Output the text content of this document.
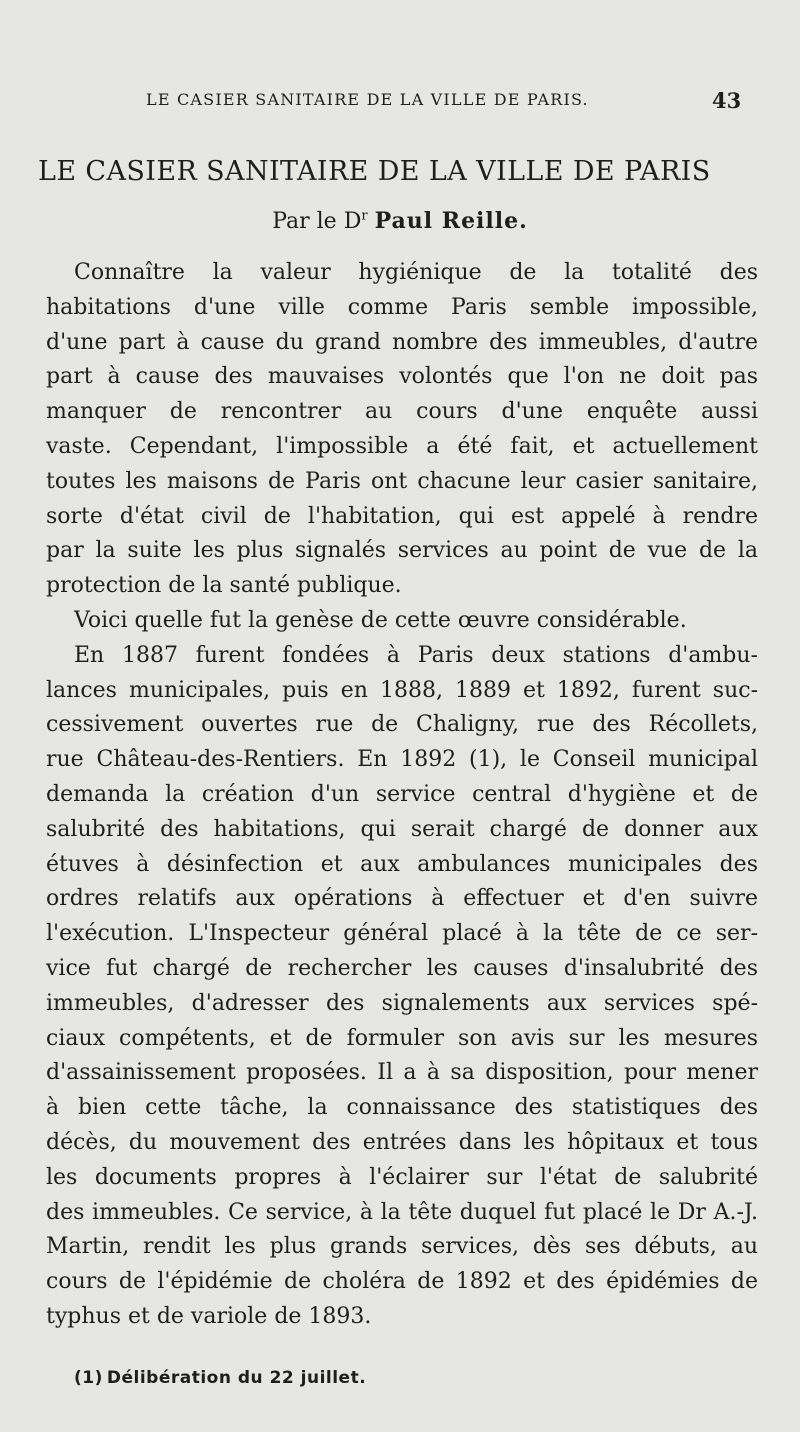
LE CASIER SANITAIRE DE LA VILLE DE PARIS.	43
LE CASIER SANITAIRE DE LA VILLE DE PARIS
Par le $D^r$ Paul Reille.
Connaître la valeur hygiénique de la totalité des
habitations d'une ville comme Paris semble impossible,
d'une part à cause du grand nombre des immeubles, d'autre
part à cause des mauvaises volontés que l'on ne doit pas
manquer de rencontrer au cours d'une enquête aussi
vaste. Cependant, l'impossible a été fait, et actuellement
toutes les maisons de Paris ont chacune leur casier sanitaire,
sorte d'état civil de l'habitation, qui est appelé à rendre
par la suite les plus signalés services au point de vue de la
protection de la santé publique.
Voici quelle fut la genèse de cette œuvre considérable.
En 1887 furent fondées à Paris deux stations d'ambu-
lances municipales, puis en 1888, 1889 et 1892, furent suc-
cessivement ouvertes rue de Chaligny, rue des Récollets,
rue Château-des-Rentiers. En 1892 (1), le Conseil municipal
demanda la création d'un service central d'hygiène et de
salubrité des habitations, qui serait chargé de donner aux
étuves à désinfection et aux ambulances municipales des
ordres relatifs aux opérations à effectuer et d'en suivre
l'exécution. L'Inspecteur général placé à la tête de ce ser-
vice fut chargé de rechercher les causes d'insalubrité des
immeubles, d'adresser des signalements aux services spé-
ciaux compétents, et de formuler son avis sur les mesures
d'assainissement proposées. Il a à sa disposition, pour mener
à bien cette tâche, la connaissance des statistiques des
décès, du mouvement des entrées dans les hôpitaux et tous
les documents propres à l'éclairer sur l'état de salubrité
des immeubles. Ce service, à la tête duquel fut placé le Dr A.-J.
Martin, rendit les plus grands services, dès ses débuts, au
cours de l'épidémie de choléra de 1892 et des épidémies de
typhus et de variole de 1893.
(1) Délibération du 22 juillet.
